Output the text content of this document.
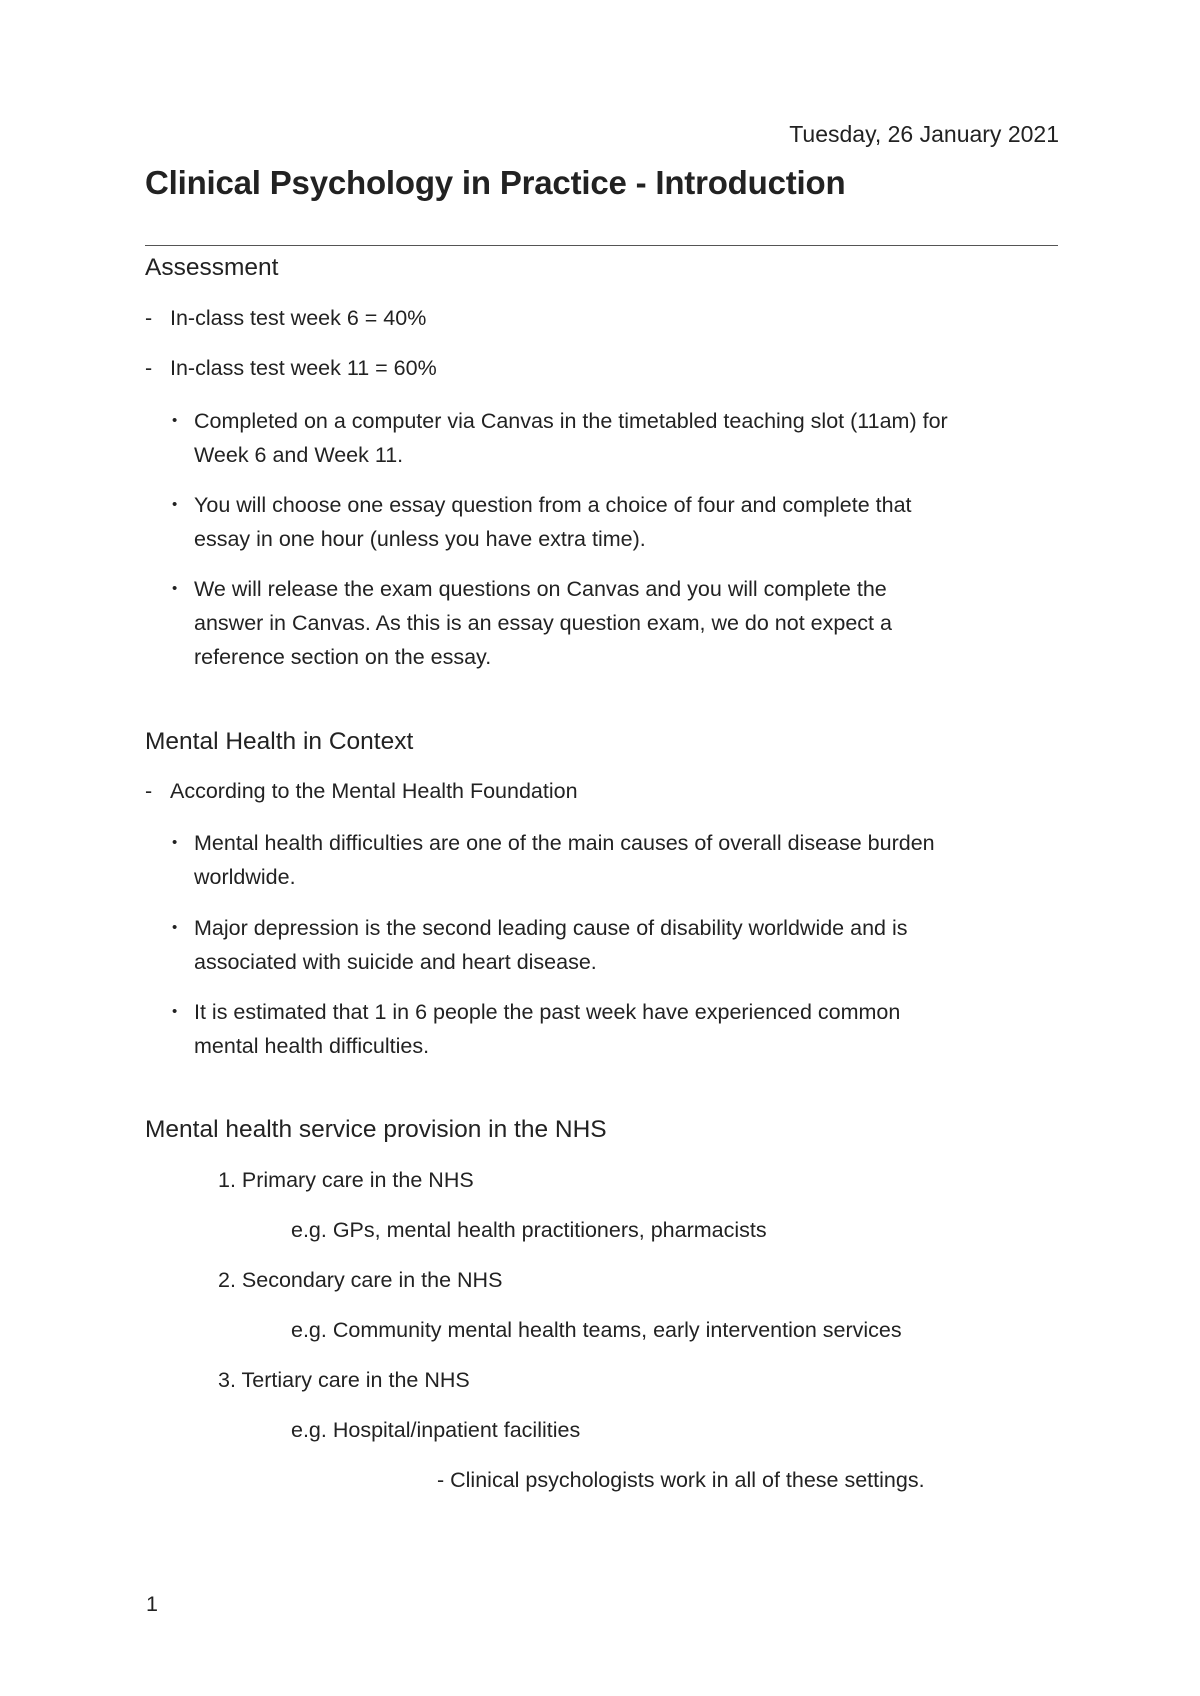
Tuesday, 26 January 2021
Clinical Psychology in Practice - Introduction
Assessment
- In-class test week 6 = 40%
- In-class test week 11 = 60%
• Completed on a computer via Canvas in the timetabled teaching slot (11am) for
Week 6 and Week 11.
• You will choose one essay question from a choice of four and complete that
essay in one hour (unless you have extra time).
• We will release the exam questions on Canvas and you will complete the
answer in Canvas. As this is an essay question exam, we do not expect a
reference section on the essay.
Mental Health in Context
- According to the Mental Health Foundation
• Mental health difficulties are one of the main causes of overall disease burden
worldwide.
• Major depression is the second leading cause of disability worldwide and is
associated with suicide and heart disease.
• It is estimated that 1 in 6 people the past week have experienced common
mental health difficulties.
Mental health service provision in the NHS
1. Primary care in the NHS
e.g. GPs, mental health practitioners, pharmacists
2. Secondary care in the NHS
e.g. Community mental health teams, early intervention services
3. Tertiary care in the NHS
e.g. Hospital/inpatient facilities
- Clinical psychologists work in all of these settings.
1
